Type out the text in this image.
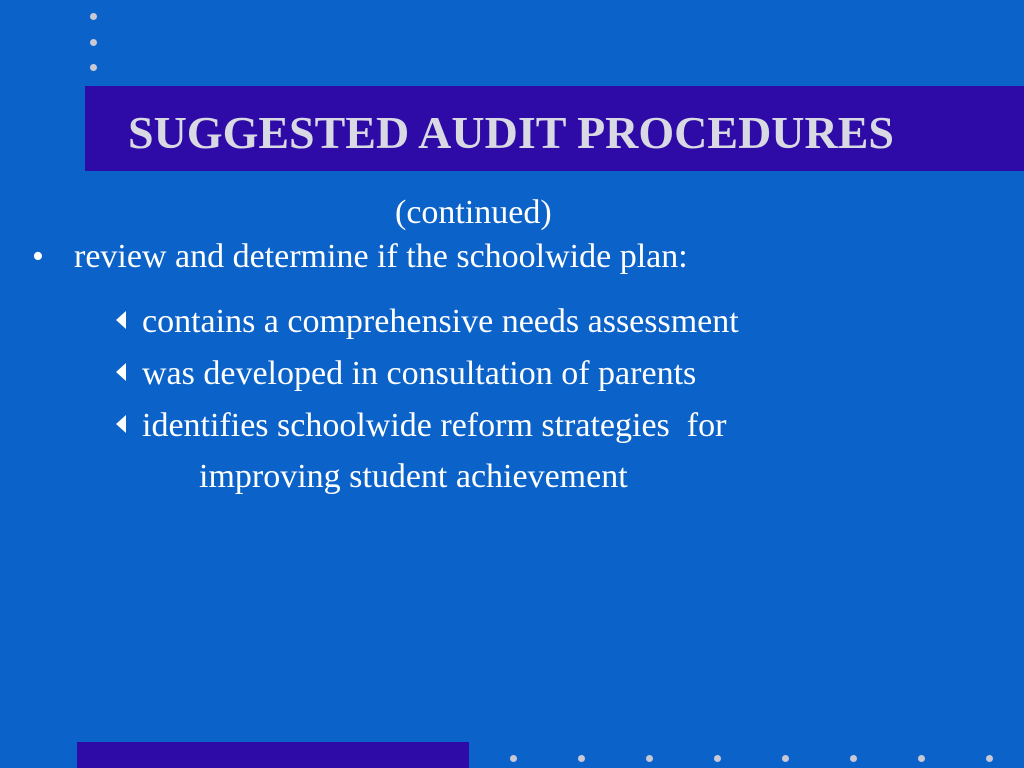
SUGGESTED AUDIT PROCEDURES

(continued)

• review and determine if the schoolwide plan:
contains a comprehensive needs assessment
was developed in consultation of parents
identifies schoolwide reform strategies  for
improving student achievement
